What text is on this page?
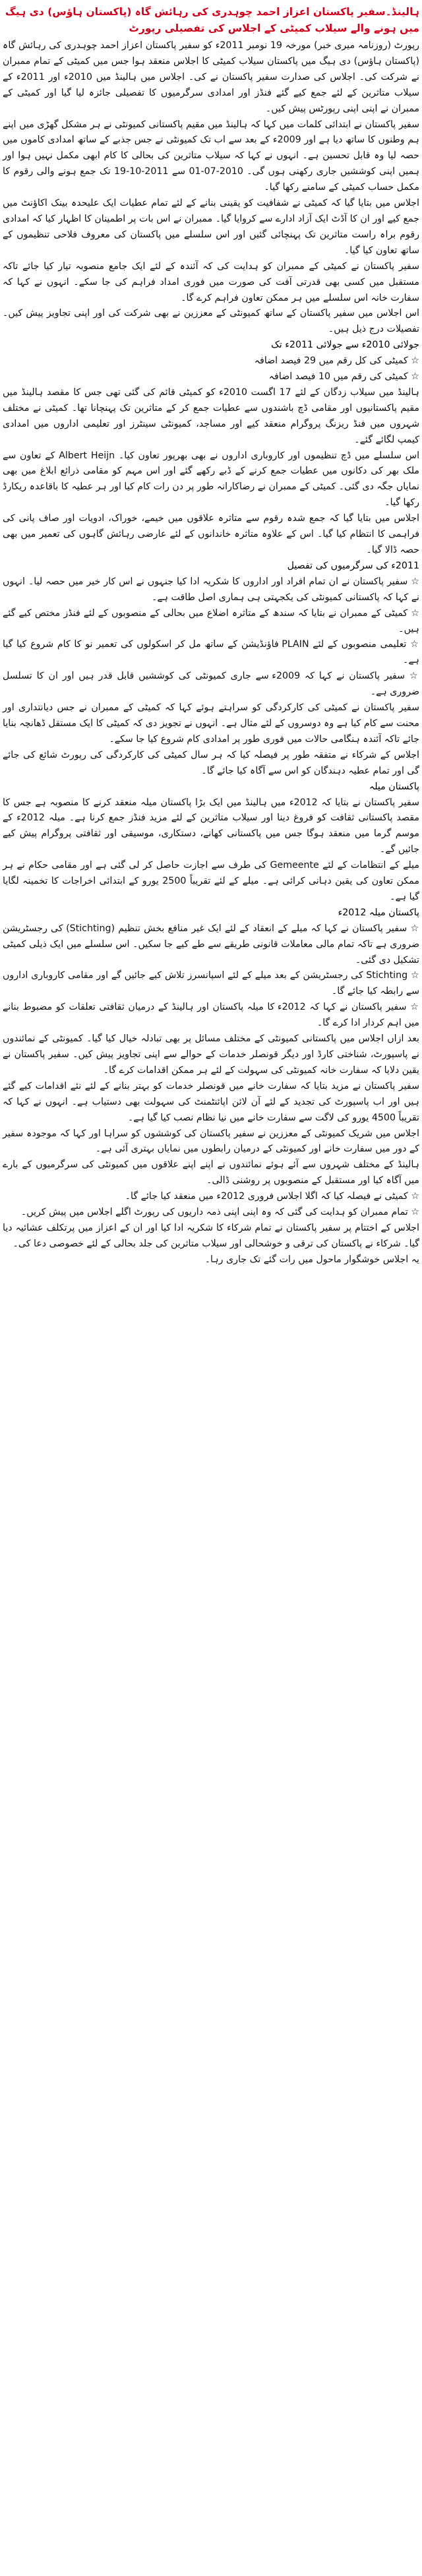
ہالینڈ۔سفیر پاکستان اعزاز احمد چوہدری کی رہائش گاہ (پاکستان ہاؤس) دی ہیگ میں ہونے والے سیلاب کمیٹی کے اجلاس کی تفصیلی رپورٹ

رپورٹ (روزنامہ میری خبر) مورخہ 19 نومبر 2011ء کو سفیر پاکستان اعزاز احمد چوہدری کی رہائش گاہ (پاکستان ہاؤس) دی ہیگ میں پاکستان سیلاب کمیٹی کا اجلاس منعقد ہوا جس میں کمیٹی کے تمام ممبران نے شرکت کی۔ اجلاس کی صدارت سفیر پاکستان نے کی۔ اجلاس میں ہالینڈ میں 2010ء اور 2011ء کے سیلاب متاثرین کے لئے جمع کیے گئے فنڈز اور امدادی سرگرمیوں کا تفصیلی جائزہ لیا گیا اور کمیٹی کے ممبران نے اپنی اپنی رپورٹس پیش کیں۔

سفیر پاکستان نے ابتدائی کلمات میں کہا کہ ہالینڈ میں مقیم پاکستانی کمیونٹی نے ہر مشکل گھڑی میں اپنے ہم وطنوں کا ساتھ دیا ہے اور 2009ء کے بعد سے اب تک کمیونٹی نے جس جذبے کے ساتھ امدادی کاموں میں حصہ لیا وہ قابل تحسین ہے۔ انہوں نے کہا کہ سیلاب متاثرین کی بحالی کا کام ابھی مکمل نہیں ہوا اور ہمیں اپنی کوششیں جاری رکھنی ہوں گی۔ 2010-07-01 سے 2011-10-19 تک جمع ہونے والی رقوم کا مکمل حساب کمیٹی کے سامنے رکھا گیا۔

اجلاس میں بتایا گیا کہ کمیٹی نے شفافیت کو یقینی بنانے کے لئے تمام عطیات ایک علیحدہ بینک اکاؤنٹ میں جمع کیے اور ان کا آڈٹ ایک آزاد ادارے سے کروایا گیا۔ ممبران نے اس بات پر اطمینان کا اظہار کیا کہ امدادی رقوم براہ راست متاثرین تک پہنچائی گئیں اور اس سلسلے میں پاکستان کی معروف فلاحی تنظیموں کے ساتھ تعاون کیا گیا۔

سفیر پاکستان نے کمیٹی کے ممبران کو ہدایت کی کہ آئندہ کے لئے ایک جامع منصوبہ تیار کیا جائے تاکہ مستقبل میں کسی بھی قدرتی آفت کی صورت میں فوری امداد فراہم کی جا سکے۔ انہوں نے کہا کہ سفارت خانہ اس سلسلے میں ہر ممکن تعاون فراہم کرے گا۔

اس اجلاس میں سفیر پاکستان کے ساتھ کمیونٹی کے معززین نے بھی شرکت کی اور اپنی تجاویز پیش کیں۔ تفصیلات درج ذیل ہیں۔

جولائی 2010ء سے جولائی 2011ء تک

☆ کمیٹی کی کل رقم میں 29 فیصد اضافہ

☆ کمیٹی کی رقم میں 10 فیصد اضافہ

ہالینڈ میں سیلاب زدگان کے لئے 17 اگست 2010ء کو کمیٹی قائم کی گئی تھی جس کا مقصد ہالینڈ میں مقیم پاکستانیوں اور مقامی ڈچ باشندوں سے عطیات جمع کر کے متاثرین تک پہنچانا تھا۔ کمیٹی نے مختلف شہروں میں فنڈ ریزنگ پروگرام منعقد کیے اور مساجد، کمیونٹی سینٹرز اور تعلیمی اداروں میں امدادی کیمپ لگائے گئے۔

اس سلسلے میں ڈچ تنظیموں اور کاروباری اداروں نے بھی بھرپور تعاون کیا۔ Albert Heijn کے تعاون سے ملک بھر کی دکانوں میں عطیات جمع کرنے کے ڈبے رکھے گئے اور اس مہم کو مقامی ذرائع ابلاغ میں بھی نمایاں جگہ دی گئی۔ کمیٹی کے ممبران نے رضاکارانہ طور پر دن رات کام کیا اور ہر عطیہ کا باقاعدہ ریکارڈ رکھا گیا۔

اجلاس میں بتایا گیا کہ جمع شدہ رقوم سے متاثرہ علاقوں میں خیمے، خوراک، ادویات اور صاف پانی کی فراہمی کا انتظام کیا گیا۔ اس کے علاوہ متاثرہ خاندانوں کے لئے عارضی رہائش گاہوں کی تعمیر میں بھی حصہ ڈالا گیا۔

2011ء کی سرگرمیوں کی تفصیل

☆ سفیر پاکستان نے ان تمام افراد اور اداروں کا شکریہ ادا کیا جنہوں نے اس کار خیر میں حصہ لیا۔ انہوں نے کہا کہ پاکستانی کمیونٹی کی یکجہتی ہی ہماری اصل طاقت ہے۔

☆ کمیٹی کے ممبران نے بتایا کہ سندھ کے متاثرہ اضلاع میں بحالی کے منصوبوں کے لئے فنڈز مختص کیے گئے ہیں۔

☆ تعلیمی منصوبوں کے لئے PLAIN فاؤنڈیشن کے ساتھ مل کر اسکولوں کی تعمیر نو کا کام شروع کیا گیا ہے۔

☆ سفیر پاکستان نے کہا کہ 2009ء سے جاری کمیونٹی کی کوششیں قابل قدر ہیں اور ان کا تسلسل ضروری ہے۔

سفیر پاکستان نے کمیٹی کی کارکردگی کو سراہتے ہوئے کہا کہ کمیٹی کے ممبران نے جس دیانتداری اور محنت سے کام کیا ہے وہ دوسروں کے لئے مثال ہے۔ انہوں نے تجویز دی کہ کمیٹی کا ایک مستقل ڈھانچہ بنایا جائے تاکہ آئندہ ہنگامی حالات میں فوری طور پر امدادی کام شروع کیا جا سکے۔

اجلاس کے شرکاء نے متفقہ طور پر فیصلہ کیا کہ ہر سال کمیٹی کی کارکردگی کی رپورٹ شائع کی جائے گی اور تمام عطیہ دہندگان کو اس سے آگاہ کیا جائے گا۔

پاکستان میلہ

سفیر پاکستان نے بتایا کہ 2012ء میں ہالینڈ میں ایک بڑا پاکستان میلہ منعقد کرنے کا منصوبہ ہے جس کا مقصد پاکستانی ثقافت کو فروغ دینا اور سیلاب متاثرین کے لئے مزید فنڈز جمع کرنا ہے۔ میلہ 2012ء کے موسم گرما میں منعقد ہوگا جس میں پاکستانی کھانے، دستکاری، موسیقی اور ثقافتی پروگرام پیش کیے جائیں گے۔

میلے کے انتظامات کے لئے Gemeente کی طرف سے اجازت حاصل کر لی گئی ہے اور مقامی حکام نے ہر ممکن تعاون کی یقین دہانی کرائی ہے۔ میلے کے لئے تقریباً 2500 یورو کے ابتدائی اخراجات کا تخمینہ لگایا گیا ہے۔

پاکستان میلہ 2012ء

☆ سفیر پاکستان نے کہا کہ میلے کے انعقاد کے لئے ایک غیر منافع بخش تنظیم (Stichting) کی رجسٹریشن ضروری ہے تاکہ تمام مالی معاملات قانونی طریقے سے طے کیے جا سکیں۔ اس سلسلے میں ایک ذیلی کمیٹی تشکیل دی گئی۔

☆ Stichting کی رجسٹریشن کے بعد میلے کے لئے اسپانسرز تلاش کیے جائیں گے اور مقامی کاروباری اداروں سے رابطہ کیا جائے گا۔

☆ سفیر پاکستان نے کہا کہ 2012ء کا میلہ پاکستان اور ہالینڈ کے درمیان ثقافتی تعلقات کو مضبوط بنانے میں اہم کردار ادا کرے گا۔

بعد ازاں اجلاس میں پاکستانی کمیونٹی کے مختلف مسائل پر بھی تبادلہ خیال کیا گیا۔ کمیونٹی کے نمائندوں نے پاسپورٹ، شناختی کارڈ اور دیگر قونصلر خدمات کے حوالے سے اپنی تجاویز پیش کیں۔ سفیر پاکستان نے یقین دلایا کہ سفارت خانہ کمیونٹی کی سہولت کے لئے ہر ممکن اقدامات کرے گا۔

سفیر پاکستان نے مزید بتایا کہ سفارت خانے میں قونصلر خدمات کو بہتر بنانے کے لئے نئے اقدامات کیے گئے ہیں اور اب پاسپورٹ کی تجدید کے لئے آن لائن اپائنٹمنٹ کی سہولت بھی دستیاب ہے۔ انہوں نے کہا کہ تقریباً 4500 یورو کی لاگت سے سفارت خانے میں نیا نظام نصب کیا گیا ہے۔

اجلاس میں شریک کمیونٹی کے معززین نے سفیر پاکستان کی کوششوں کو سراہا اور کہا کہ موجودہ سفیر کے دور میں سفارت خانے اور کمیونٹی کے درمیان رابطوں میں نمایاں بہتری آئی ہے۔

ہالینڈ کے مختلف شہروں سے آئے ہوئے نمائندوں نے اپنے اپنے علاقوں میں کمیونٹی کی سرگرمیوں کے بارے میں آگاہ کیا اور مستقبل کے منصوبوں پر روشنی ڈالی۔

☆ کمیٹی نے فیصلہ کیا کہ اگلا اجلاس فروری 2012ء میں منعقد کیا جائے گا۔

☆ تمام ممبران کو ہدایت کی گئی کہ وہ اپنی اپنی ذمہ داریوں کی رپورٹ اگلے اجلاس میں پیش کریں۔

اجلاس کے اختتام پر سفیر پاکستان نے تمام شرکاء کا شکریہ ادا کیا اور ان کے اعزاز میں پرتکلف عشائیہ دیا گیا۔ شرکاء نے پاکستان کی ترقی و خوشحالی اور سیلاب متاثرین کی جلد بحالی کے لئے خصوصی دعا کی۔

یہ اجلاس خوشگوار ماحول میں رات گئے تک جاری رہا۔
